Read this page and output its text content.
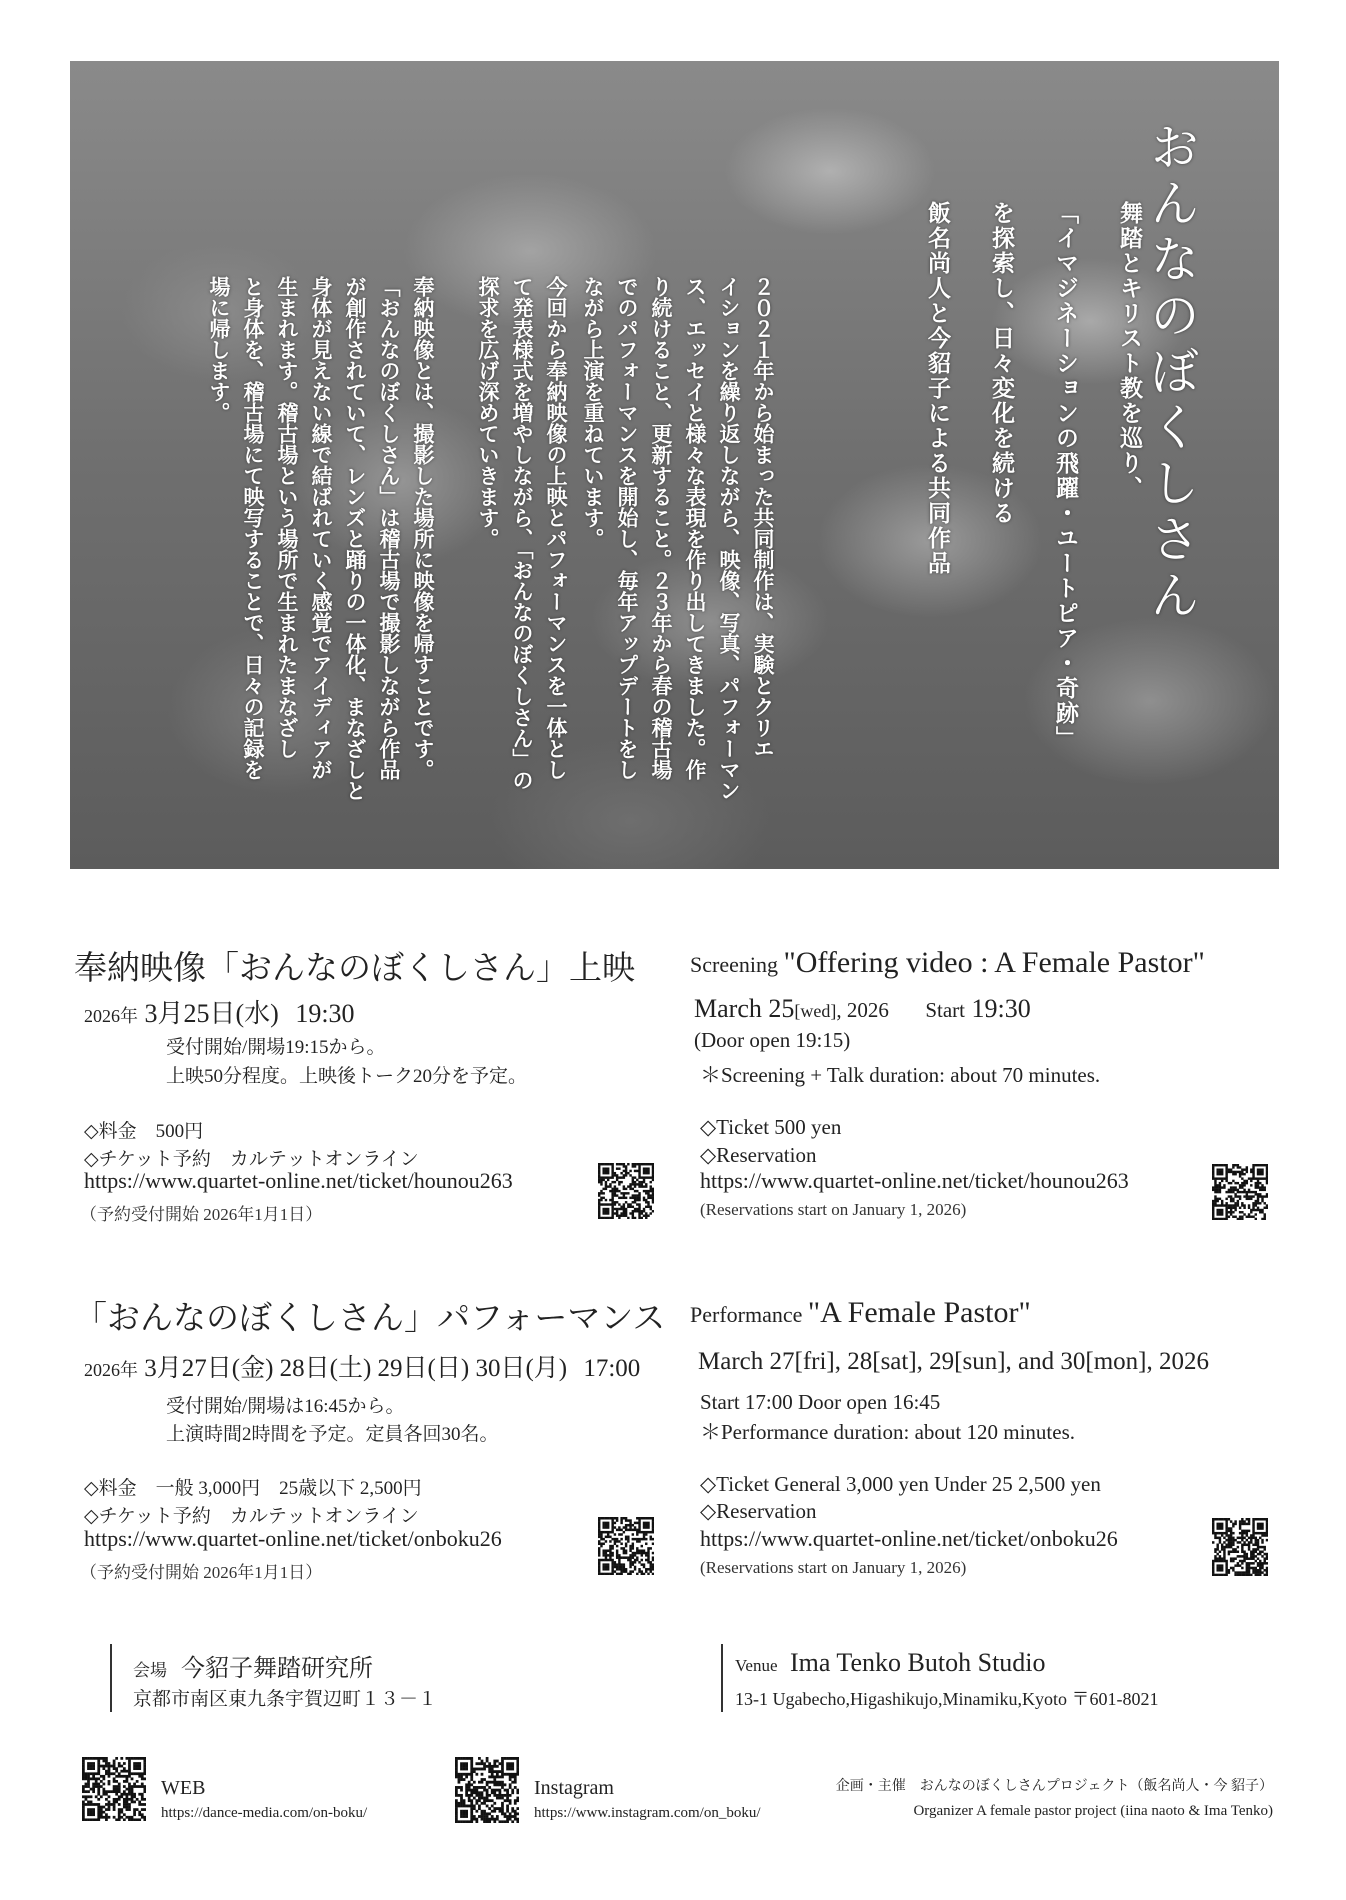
おんなのぼくしさん
舞踏とキリスト教を巡り、
「イマジネーションの飛躍・ユートピア・奇跡」
を探索し、日々変化を続ける
飯名尚人と今貂子による共同作品
２０２１年から始まった共同制作は、実験とクリエ
イションを繰り返しながら、映像、写真、パフォーマン
ス、エッセイと様々な表現を作り出してきました。作
り続けること、更新すること。２３年から春の稽古場
でのパフォーマンスを開始し、毎年アップデートをし
ながら上演を重ねています。
今回から奉納映像の上映とパフォーマンスを一体とし
て発表様式を増やしながら、「おんなのぼくしさん」の
探求を広げ深めていきます。
奉納映像とは、撮影した場所に映像を帰すことです。
「おんなのぼくしさん」は稽古場で撮影しながら作品
が創作されていて、レンズと踊りの一体化、まなざしと
身体が見えない線で結ばれていく感覚でアイディアが
生まれます。稽古場という場所で生まれたまなざし
と身体を、稽古場にて映写することで、日々の記録を
場に帰します。
奉納映像「おんなのぼくしさん」上映
2026年 3月25日(水) 19:30
受付開始/開場19:15から。
上映50分程度。上映後トーク20分を予定。
◇料金　500円
◇チケット予約　カルテットオンライン
https://www.quartet-online.net/ticket/hounou263
（予約受付開始 2026年1月1日）
Screening "Offering video : A Female Pastor"
March 25[wed], 2026 Start 19:30
(Door open 19:15)
＊Screening + Talk duration: about 70 minutes.
◇Ticket 500 yen
◇Reservation
https://www.quartet-online.net/ticket/hounou263
(Reservations start on January 1, 2026)
「おんなのぼくしさん」パフォーマンス
2026年 3月27日(金) 28日(土) 29日(日) 30日(月) 17:00
受付開始/開場は16:45から。
上演時間2時間を予定。定員各回30名。
◇料金　一般 3,000円　25歳以下 2,500円
◇チケット予約　カルテットオンライン
https://www.quartet-online.net/ticket/onboku26
（予約受付開始 2026年1月1日）
Performance "A Female Pastor"
March 27[fri], 28[sat], 29[sun], and 30[mon], 2026
Start 17:00 Door open 16:45
＊Performance duration: about 120 minutes.
◇Ticket General 3,000 yen Under 25 2,500 yen
◇Reservation
https://www.quartet-online.net/ticket/onboku26
(Reservations start on January 1, 2026)
会場 今貂子舞踏研究所
京都市南区東九条宇賀辺町１３－１
Venue Ima Tenko Butoh Studio
13-1 Ugabecho,Higashikujo,Minamiku,Kyoto 〒601-8021
WEB
https://dance-media.com/on-boku/
Instagram
https://www.instagram.com/on_boku/
企画・主催　おんなのぼくしさんプロジェクト（飯名尚人・今 貂子）
Organizer A female pastor project (iina naoto & Ima Tenko)
